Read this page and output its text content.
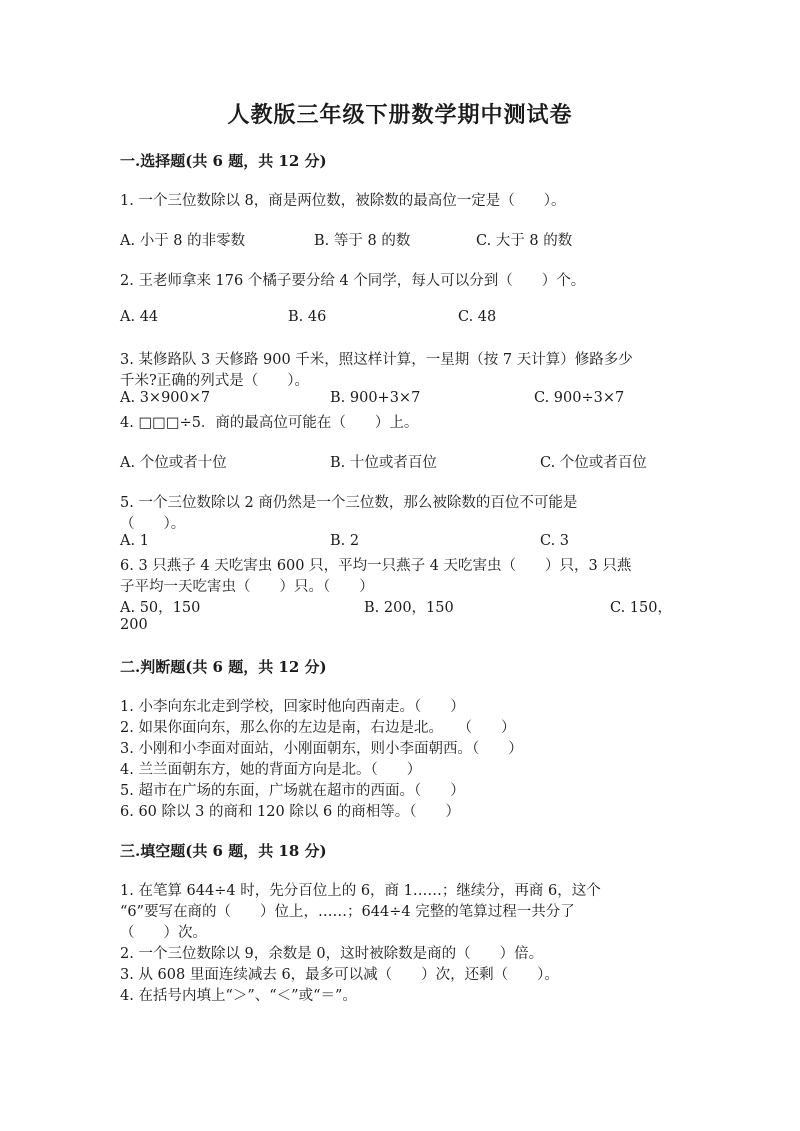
人教版三年级下册数学期中测试卷
一.选择题(共 6 题，共 12 分)
1. 一个三位数除以 8，商是两位数，被除数的最高位一定是（　　）。
A. 小于 8 的非零数	B. 等于 8 的数	C. 大于 8 的数
2. 王老师拿来 176 个橘子要分给 4 个同学，每人可以分到（　　）个。
A. 44	B. 46	C. 48
3. 某修路队 3 天修路 900 千米，照这样计算，一星期（按 7 天计算）修路多少
千米?正确的列式是（　　）。
A. 3×900×7	B. 900+3×7	C. 900÷3×7
4. □□□÷5．商的最高位可能在（　　）上。
A. 个位或者十位	B. 十位或者百位	C. 个位或者百位
5. 一个三位数除以 2 商仍然是一个三位数，那么被除数的百位不可能是
（　　）。
A. 1	B. 2	C. 3
6. 3 只燕子 4 天吃害虫 600 只，平均一只燕子 4 天吃害虫（　　）只，3 只燕
子平均一天吃害虫（　　）只。（　　）
A. 50，150	B. 200，150	C. 150，
200
二.判断题(共 6 题，共 12 分)
1. 小李向东北走到学校，回家时他向西南走。（　　）
2. 如果你面向东，那么你的左边是南，右边是北。　　（　　）
3. 小刚和小李面对面站，小刚面朝东，则小李面朝西。（　　）
4. 兰兰面朝东方，她的背面方向是北。（　　）
5. 超市在广场的东面，广场就在超市的西面。（　　）
6. 60 除以 3 的商和 120 除以 6 的商相等。（　　）
三.填空题(共 6 题，共 18 分)
1. 在笔算 644÷4 时，先分百位上的 6，商 1……；继续分，再商 6，这个
“6”要写在商的（　　）位上，……；644÷4 完整的笔算过程一共分了
（　　）次。
2. 一个三位数除以 9，余数是 0，这时被除数是商的（　　）倍。
3. 从 608 里面连续减去 6，最多可以减（　　）次，还剩（　　）。
4. 在括号内填上“＞”、“＜”或“＝”。
